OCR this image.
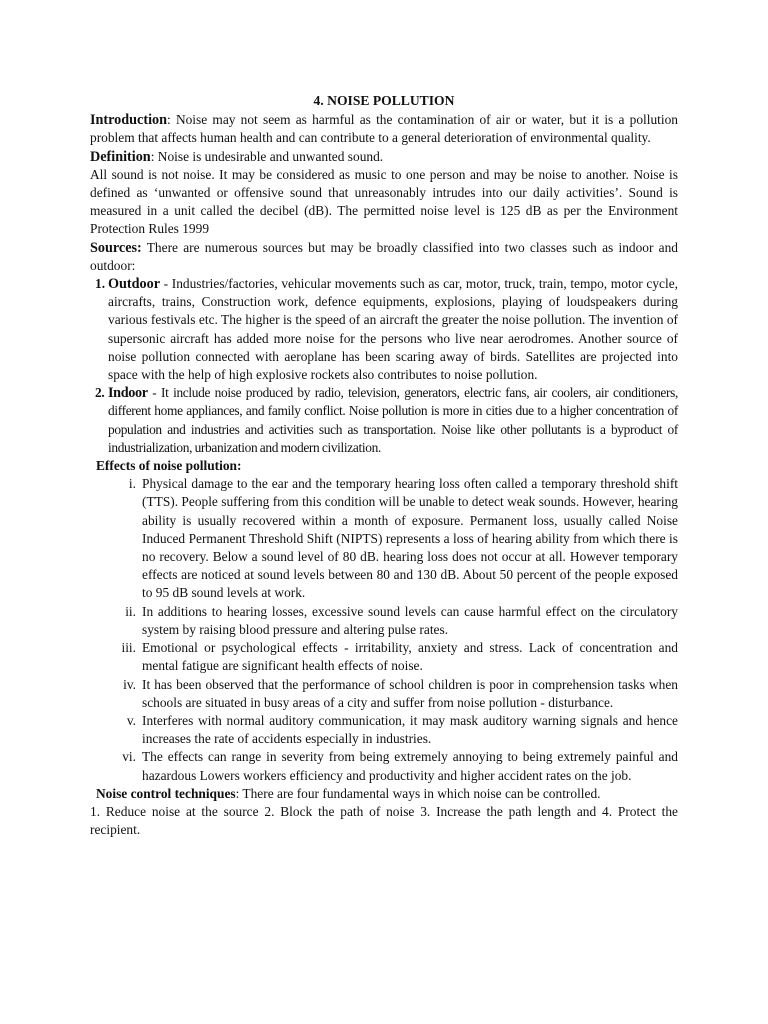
4. NOISE POLLUTION

Introduction: Noise may not seem as harmful as the contamination of air or water, but it is a pollution problem that affects human health and can contribute to a general deterioration of environmental quality.

Definition: Noise is undesirable and unwanted sound.

All sound is not noise. It may be considered as music to one person and may be noise to another. Noise is defined as ‘unwanted or offensive sound that unreasonably intrudes into our daily activities’. Sound is measured in a unit called the decibel (dB). The permitted noise level is 125 dB as per the Environment Protection Rules 1999

Sources: There are numerous sources but may be broadly classified into two classes such as indoor and outdoor:

1. Outdoor - Industries/factories, vehicular movements such as car, motor, truck, train, tempo, motor cycle, aircrafts, trains, Construction work, defence equipments, explosions, playing of loudspeakers during various festivals etc. The higher is the speed of an aircraft the greater the noise pollution. The invention of supersonic aircraft has added more noise for the persons who live near aerodromes. Another source of noise pollution connected with aeroplane has been scaring away of birds. Satellites are projected into space with the help of high explosive rockets also contributes to noise pollution.
2. Indoor - It include noise produced by radio, television, generators, electric fans, air coolers, air conditioners, different home appliances, and family conflict. Noise pollution is more in cities due to a higher concentration of population and industries and activities such as transportation. Noise like other pollutants is a byproduct of industrialization, urbanization and modern civilization.
Effects of noise pollution:
i. Physical damage to the ear and the temporary hearing loss often called a temporary threshold shift (TTS). People suffering from this condition will be unable to detect weak sounds. However, hearing ability is usually recovered within a month of exposure. Permanent loss, usually called Noise Induced Permanent Threshold Shift (NIPTS) represents a loss of hearing ability from which there is no recovery. Below a sound level of 80 dB. hearing loss does not occur at all. However temporary effects are noticed at sound levels between 80 and 130 dB. About 50 percent of the people exposed to 95 dB sound levels at work.
ii. In additions to hearing losses, excessive sound levels can cause harmful effect on the circulatory system by raising blood pressure and altering pulse rates.
iii. Emotional or psychological effects - irritability, anxiety and stress. Lack of concentration and mental fatigue are significant health effects of noise.
iv. It has been observed that the performance of school children is poor in comprehension tasks when schools are situated in busy areas of a city and suffer from noise pollution - disturbance.
v. Interferes with normal auditory communication, it may mask auditory warning signals and hence increases the rate of accidents especially in industries.
vi. The effects can range in severity from being extremely annoying to being extremely painful and hazardous Lowers workers efficiency and productivity and higher accident rates on the job.

Noise control techniques: There are four fundamental ways in which noise can be controlled.

1. Reduce noise at the source 2. Block the path of noise 3. Increase the path length and 4. Protect the recipient.
